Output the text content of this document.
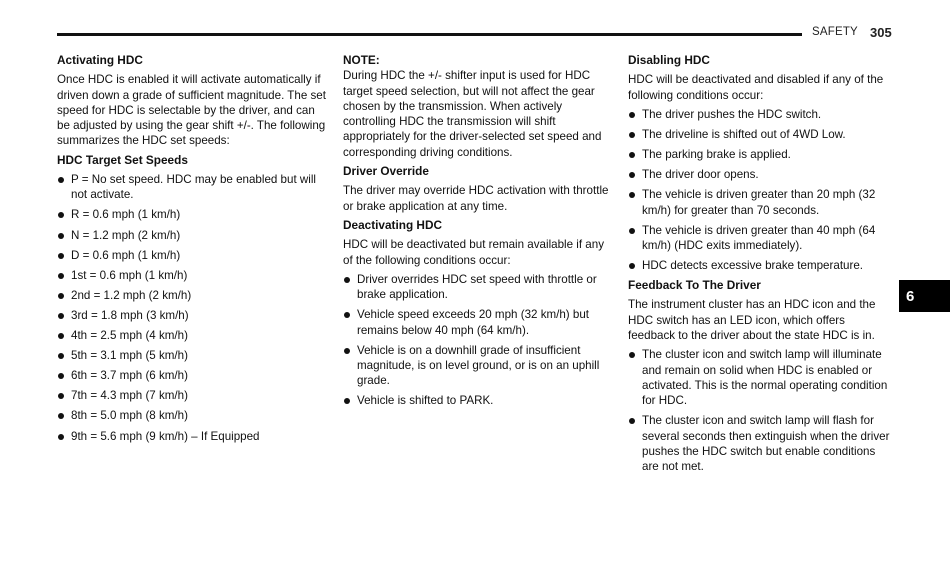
SAFETY 305
Activating HDC
Once HDC is enabled it will activate automatically if driven down a grade of sufficient magnitude. The set speed for HDC is selectable by the driver, and can be adjusted by using the gear shift +/-. The following summarizes the HDC set speeds:
HDC Target Set Speeds
P = No set speed. HDC may be enabled but will not activate.
R = 0.6 mph (1 km/h)
N = 1.2 mph (2 km/h)
D = 0.6 mph (1 km/h)
1st = 0.6 mph (1 km/h)
2nd = 1.2 mph (2 km/h)
3rd = 1.8 mph (3 km/h)
4th = 2.5 mph (4 km/h)
5th = 3.1 mph (5 km/h)
6th = 3.7 mph (6 km/h)
7th = 4.3 mph (7 km/h)
8th = 5.0 mph (8 km/h)
9th = 5.6 mph (9 km/h) – If Equipped
NOTE:
During HDC the +/- shifter input is used for HDC target speed selection, but will not affect the gear chosen by the transmission. When actively controlling HDC the transmission will shift appropriately for the driver-selected set speed and corresponding driving conditions.
Driver Override
The driver may override HDC activation with throttle or brake application at any time.
Deactivating HDC
HDC will be deactivated but remain available if any of the following conditions occur:
Driver overrides HDC set speed with throttle or brake application.
Vehicle speed exceeds 20 mph (32 km/h) but remains below 40 mph (64 km/h).
Vehicle is on a downhill grade of insufficient magnitude, is on level ground, or is on an uphill grade.
Vehicle is shifted to PARK.
Disabling HDC
HDC will be deactivated and disabled if any of the following conditions occur:
The driver pushes the HDC switch.
The driveline is shifted out of 4WD Low.
The parking brake is applied.
The driver door opens.
The vehicle is driven greater than 20 mph (32 km/h) for greater than 70 seconds.
The vehicle is driven greater than 40 mph (64 km/h) (HDC exits immediately).
HDC detects excessive brake temperature.
Feedback To The Driver
The instrument cluster has an HDC icon and the HDC switch has an LED icon, which offers feedback to the driver about the state HDC is in.
The cluster icon and switch lamp will illuminate and remain on solid when HDC is enabled or activated. This is the normal operating condition for HDC.
The cluster icon and switch lamp will flash for several seconds then extinguish when the driver pushes the HDC switch but enable conditions are not met.
6
